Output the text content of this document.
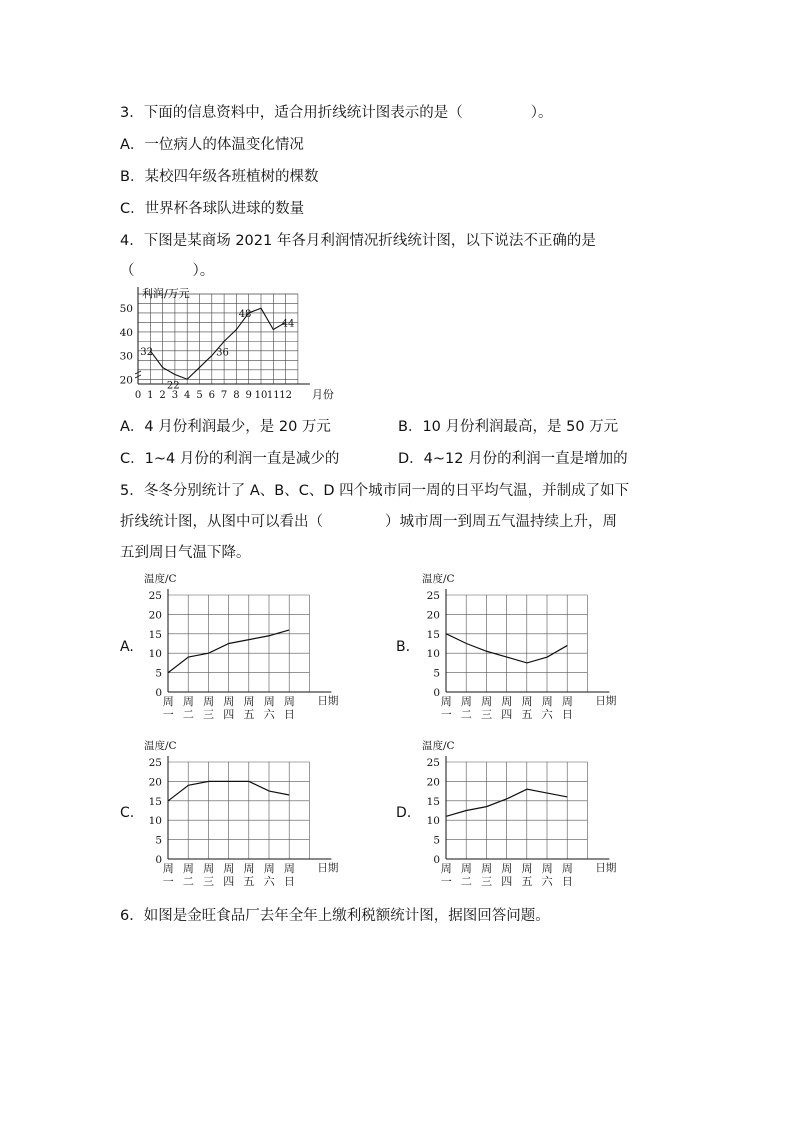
3．下面的信息资料中，适合用折线统计图表示的是（	）。
A．一位病人的体温变化情况
B．某校四年级各班植树的棵数
C．世界杯各球队进球的数量
4．下图是某商场 2021 年各月利润情况折线统计图，以下说法不正确的是
（	）。
利润/万元
月份
20
30
40
50
0 1 2 3 4 5 6 7 8 9 10 11 12
32
22
36
48
44
A．4 月份利润最少，是 20 万元	B．10 月份利润最高，是 50 万元
C．1~4 月份的利润一直是减少的	D．4~12 月份的利润一直是增加的
5．冬冬分别统计了 A、B、C、D 四个城市同一周的日平均气温，并制成了如下
折线统计图，从图中可以看出（	）城市周一到周五气温持续上升，周
五到周日气温下降。
A.	B.
C.	D.
温度/C
日期
0
5
10
15
20
25
周 周 周 周 周 周 周
一 二 三 四 五 六 日
温度/C
日期
0
5
10
15
20
25
周 周 周 周 周 周 周
一 二 三 四 五 六 日
温度/C
日期
0
5
10
15
20
25
周 周 周 周 周 周 周
一 二 三 四 五 六 日
温度/C
日期
0
5
10
15
20
25
周 周 周 周 周 周 周
一 二 三 四 五 六 日
6．如图是金旺食品厂去年全年上缴利税额统计图，据图回答问题。
